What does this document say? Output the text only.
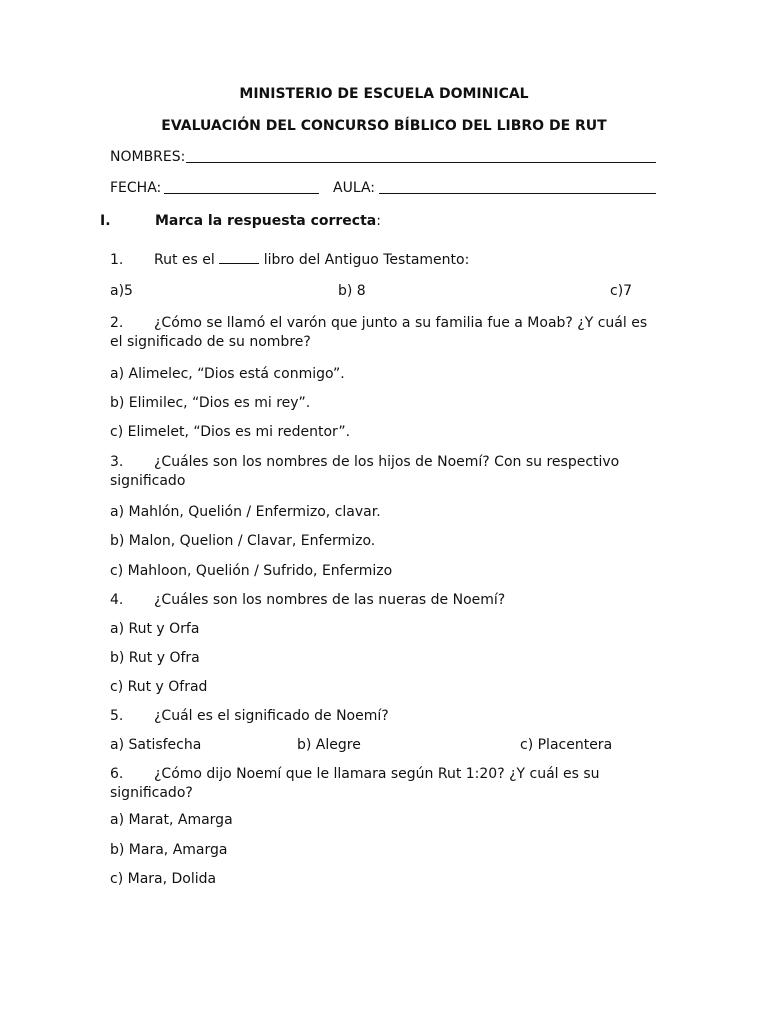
MINISTERIO DE ESCUELA DOMINICAL
EVALUACIÓN DEL CONCURSO BÍBLICO DEL LIBRO DE RUT
NOMBRES:
FECHA:	AULA:
I.	Marca la respuesta correcta:
1. Rut es el	libro del Antiguo Testamento:
a)5	b) 8	c)7
2. ¿Cómo se llamó el varón que junto a su familia fue a Moab? ¿Y cuál es el significado de su nombre?
a) Alimelec, “Dios está conmigo”.
b) Elimilec, “Dios es mi rey”.
c) Elimelet, “Dios es mi redentor”.
3. ¿Cuáles son los nombres de los hijos de Noemí? Con su respectivo significado
a) Mahlón, Quelión / Enfermizo, clavar.
b) Malon, Quelion / Clavar, Enfermizo.
c) Mahloon, Quelión / Sufrido, Enfermizo
4. ¿Cuáles son los nombres de las nueras de Noemí?
a) Rut y Orfa
b) Rut y Ofra
c) Rut y Ofrad
5. ¿Cuál es el significado de Noemí?
a) Satisfecha	b) Alegre	c) Placentera
6. ¿Cómo dijo Noemí que le llamara según Rut 1:20? ¿Y cuál es su significado?
a) Marat, Amarga
b) Mara, Amarga
c) Mara, Dolida
